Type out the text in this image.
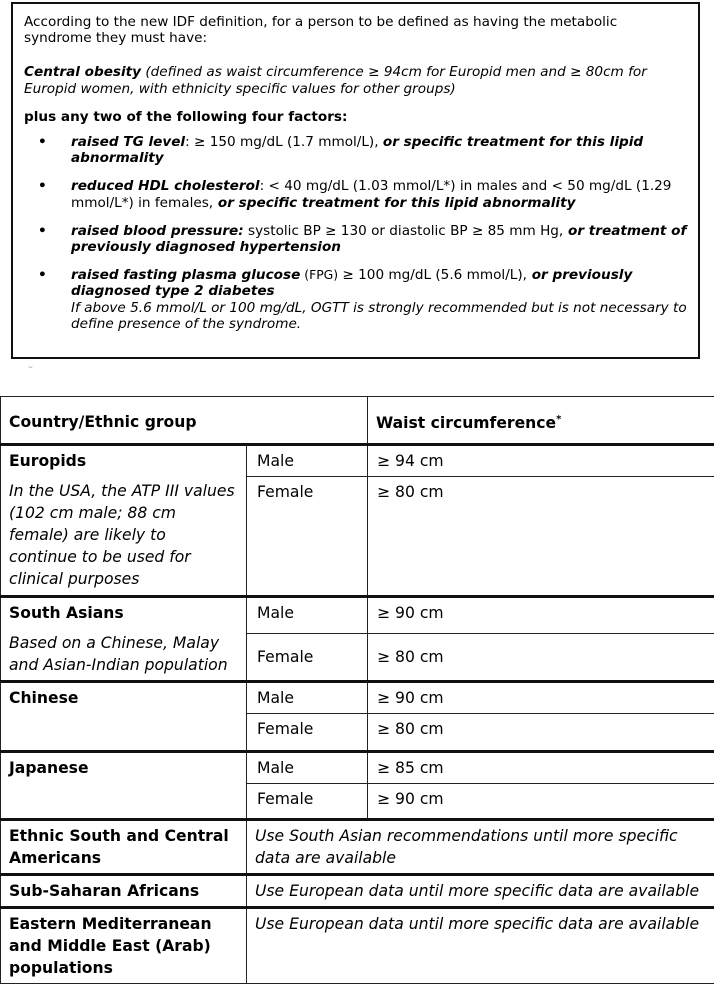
According to the new IDF definition, for a person to be defined as having the metabolic syndrome they must have:

Central obesity (defined as waist circumference ≥ 94cm for Europid men and ≥ 80cm for Europid women, with ethnicity specific values for other groups)

plus any two of the following four factors:

• raised TG level: ≥ 150 mg/dL (1.7 mmol/L), or specific treatment for this lipid abnormality
• reduced HDL cholesterol: < 40 mg/dL (1.03 mmol/L*) in males and < 50 mg/dL (1.29 mmol/L*) in females, or specific treatment for this lipid abnormality
• raised blood pressure: systolic BP ≥ 130 or diastolic BP ≥ 85 mm Hg, or treatment of previously diagnosed hypertension
• raised fasting plasma glucose (FPG) ≥ 100 mg/dL (5.6 mmol/L), or previously diagnosed type 2 diabetes
If above 5.6 mmol/L or 100 mg/dL, OGTT is strongly recommended but is not necessary to define presence of the syndrome.
~
Country/Ethnic group		Waist circumference*

Europids
In the USA, the ATP III values (102 cm male; 88 cm female) are likely to continue to be used for clinical purposes	Male	≥ 94 cm
	Female	≥ 80 cm

South Asians
Based on a Chinese, Malay and Asian-Indian population	Male	≥ 90 cm
	Female	≥ 80 cm

Chinese	Male	≥ 90 cm
	Female	≥ 80 cm

Japanese	Male	≥ 85 cm
	Female	≥ 90 cm
Ethnic South and Central Americans	Use South Asian recommendations until more specific data are available	
Sub-Saharan Africans	Use European data until more specific data are available	
Eastern Mediterranean and Middle East (Arab) populations	Use European data until more specific data are available	
